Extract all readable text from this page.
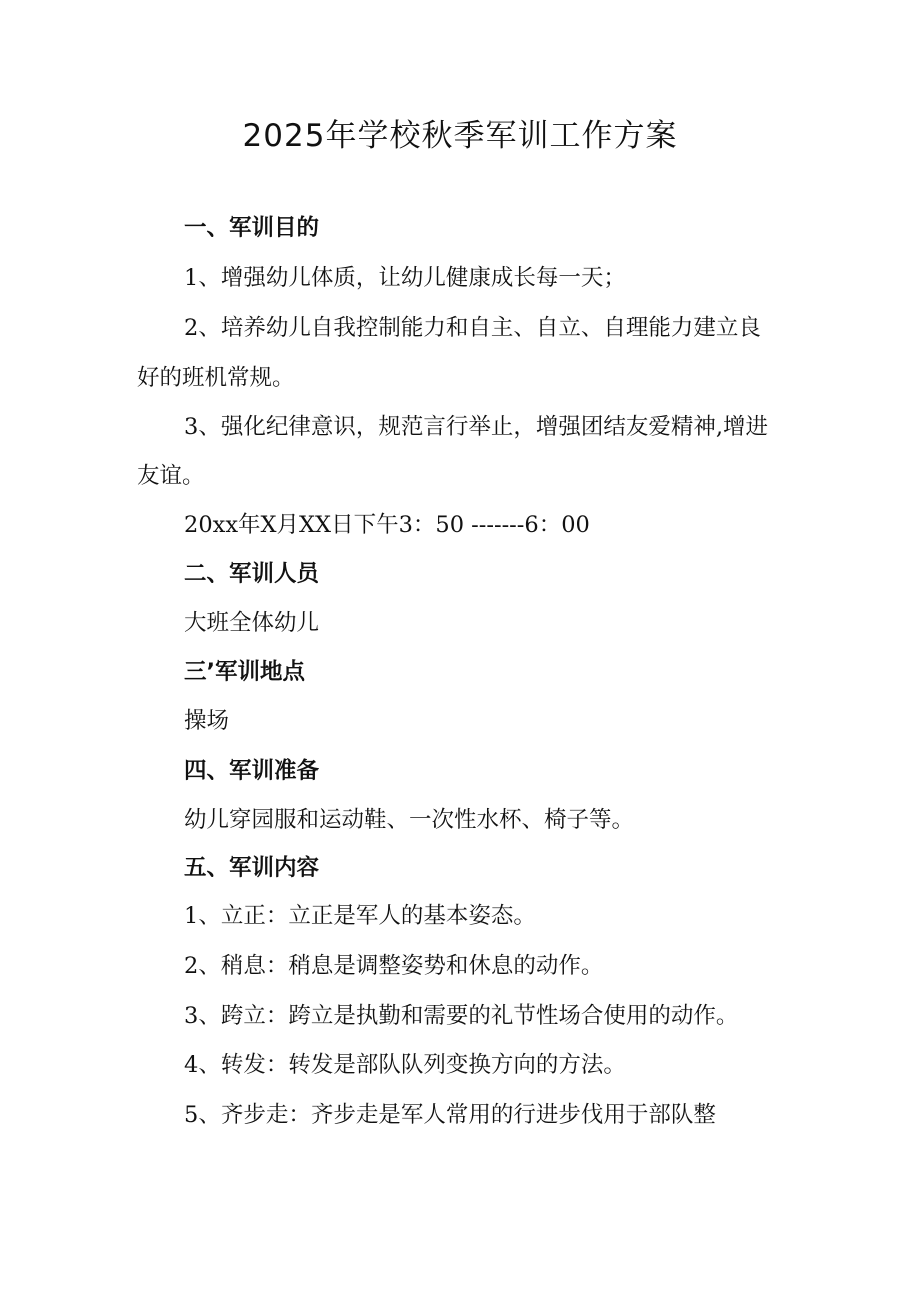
2025年学校秋季军训工作方案

一、军训目的

1、增强幼儿体质，让幼儿健康成长每一天；

2、培养幼儿自我控制能力和自主、自立、自理能力建立良

好的班机常规。

3、强化纪律意识，规范言行举止，增强团结友爱精神,增进

友谊。

20xx年X月XX日下午3：50 -------6：00

二、军训人员

大班全体幼儿

三’军训地点

操场

四、军训准备

幼儿穿园服和运动鞋、一次性水杯、椅子等。

五、军训内容

1、立正：立正是军人的基本姿态。

2、稍息：稍息是调整姿势和休息的动作。

3、跨立：跨立是执勤和需要的礼节性场合使用的动作。

4、转发：转发是部队队列变换方向的方法。

5、齐步走：齐步走是军人常用的行进步伐用于部队整
